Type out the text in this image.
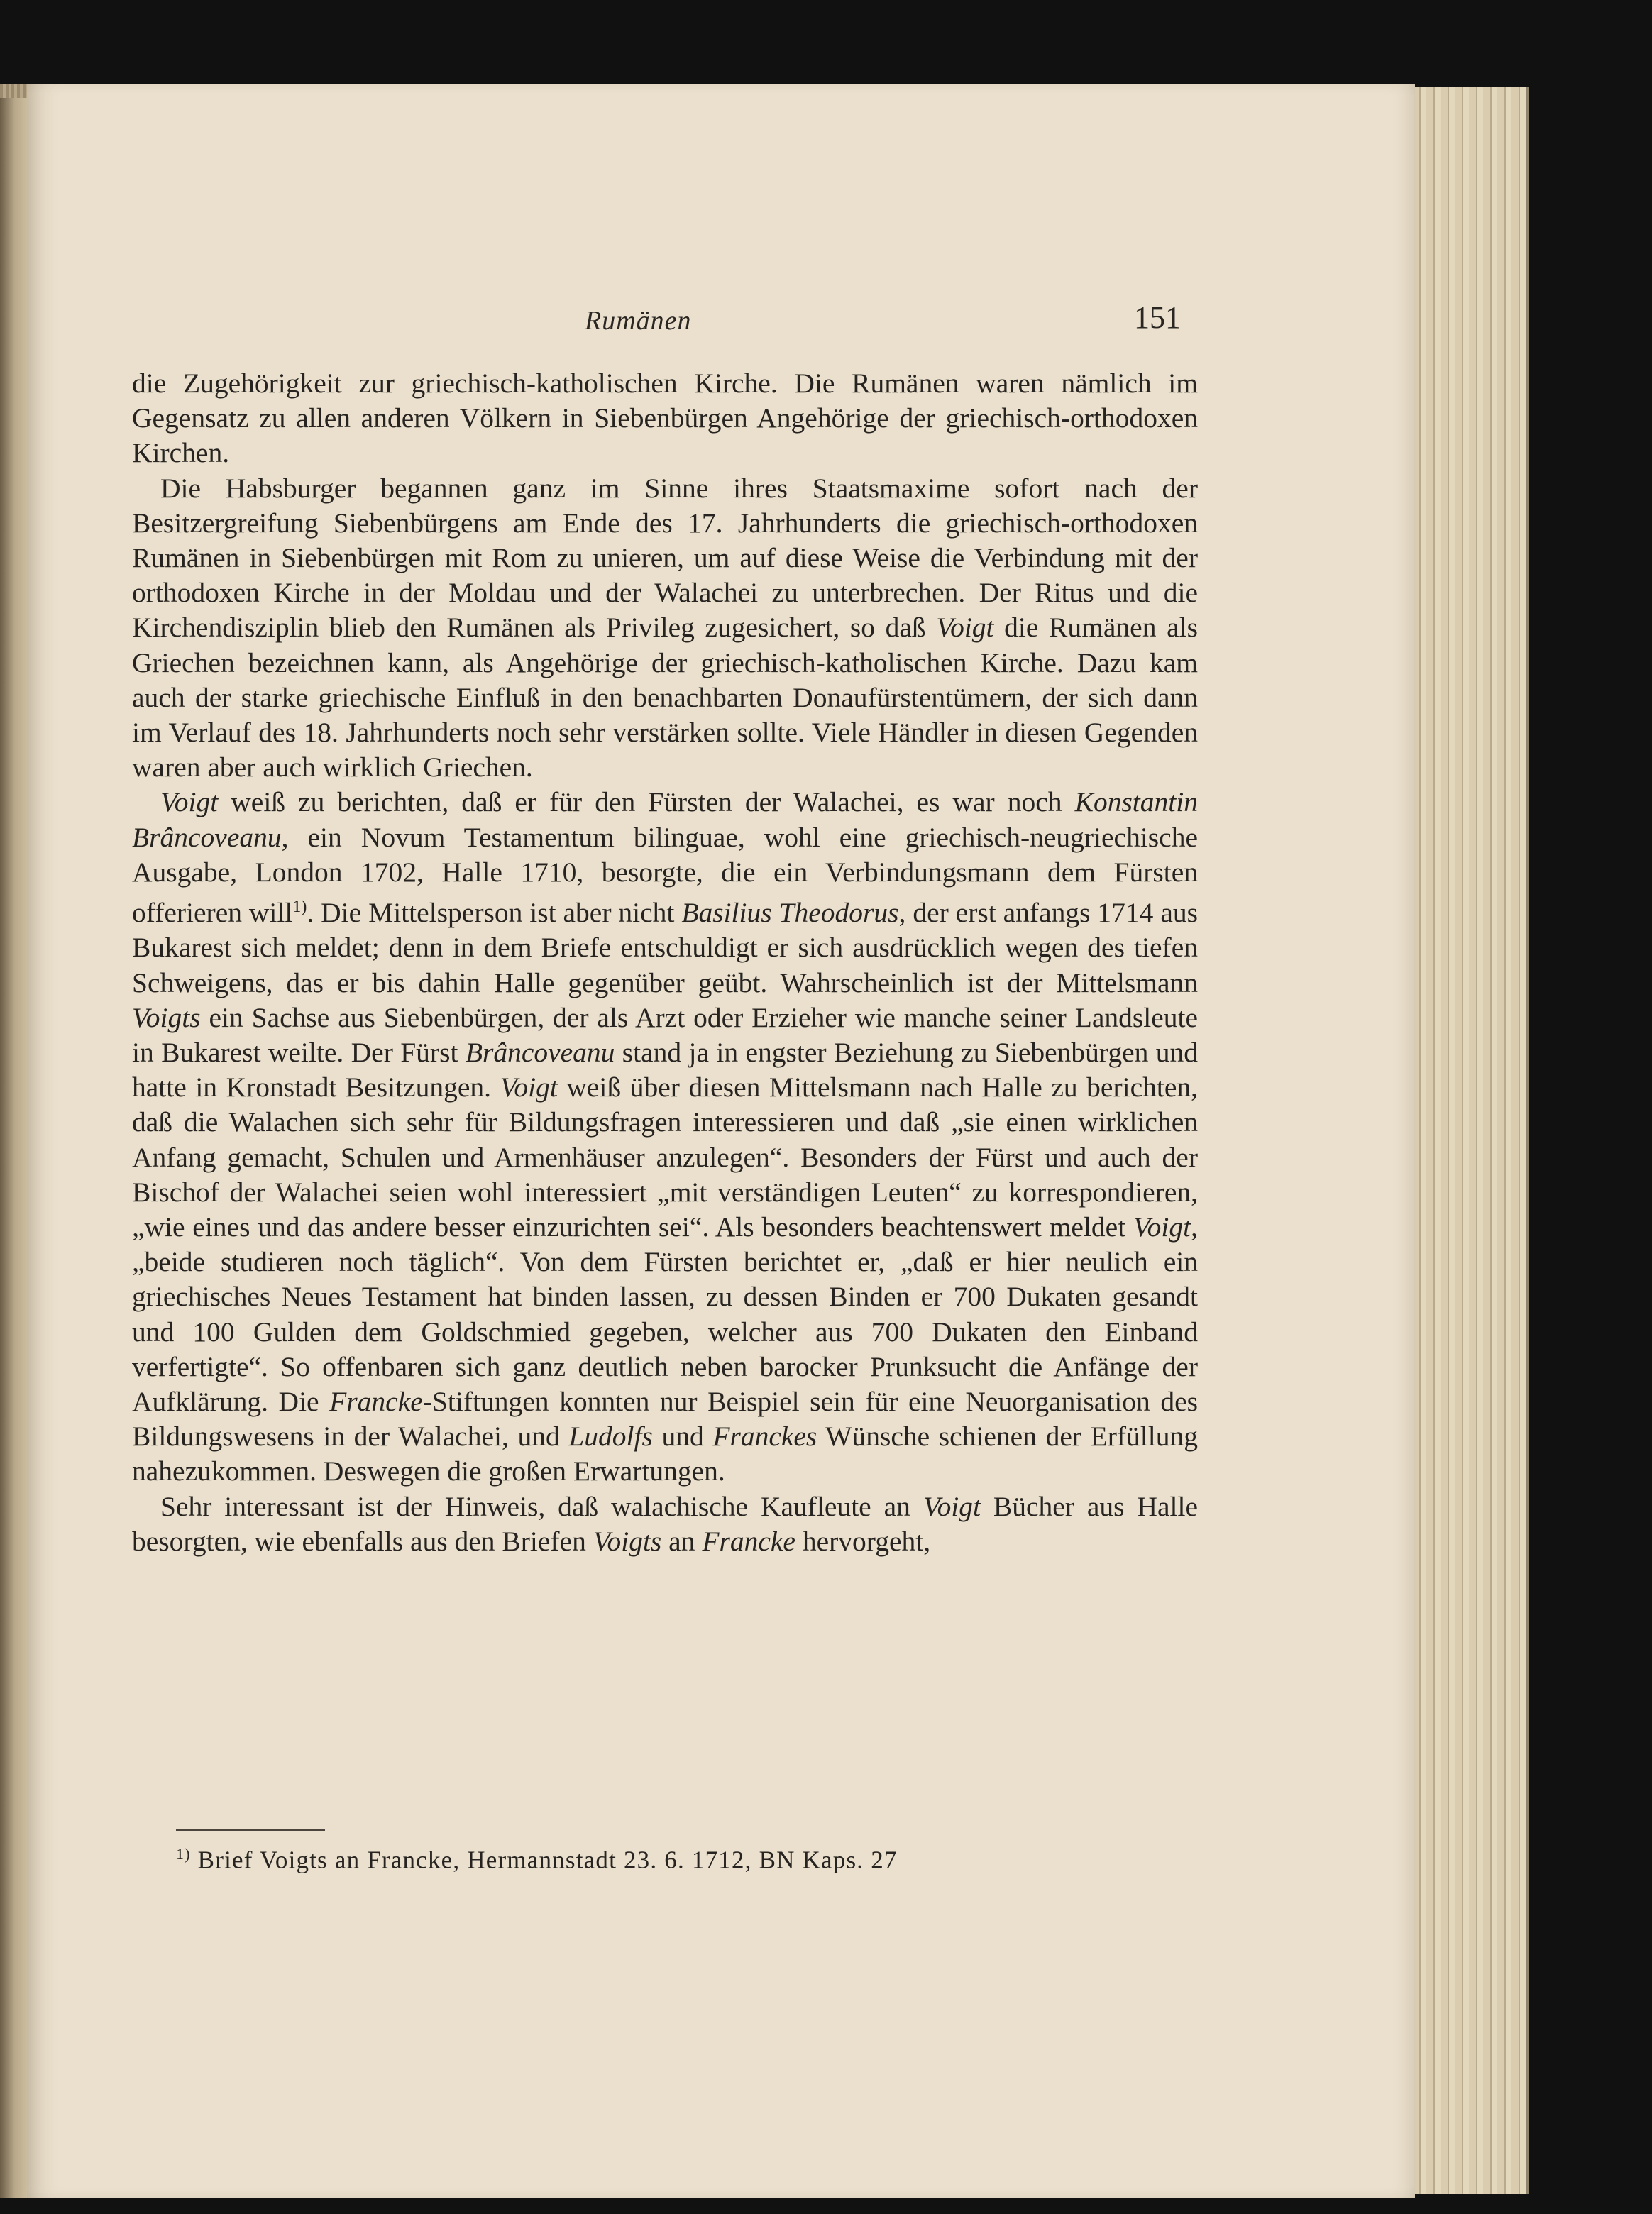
Rumänen	151

die Zugehörigkeit zur griechisch-katholischen Kirche. Die Rumänen waren nämlich im Gegensatz zu allen anderen Völkern in Siebenbürgen Angehörige der griechisch-orthodoxen Kirchen.

Die Habsburger begannen ganz im Sinne ihres Staatsmaxime sofort nach der Besitzergreifung Siebenbürgens am Ende des 17. Jahrhunderts die griechisch-orthodoxen Rumänen in Siebenbürgen mit Rom zu unieren, um auf diese Weise die Verbindung mit der orthodoxen Kirche in der Moldau und der Walachei zu unterbrechen. Der Ritus und die Kirchendisziplin blieb den Rumänen als Privileg zugesichert, so daß Voigt die Rumänen als Griechen bezeichnen kann, als Angehörige der griechisch-katholischen Kirche. Dazu kam auch der starke griechische Einfluß in den benachbarten Donaufürstentümern, der sich dann im Verlauf des 18. Jahrhunderts noch sehr verstärken sollte. Viele Händler in diesen Gegenden waren aber auch wirklich Griechen.

Voigt weiß zu berichten, daß er für den Fürsten der Walachei, es war noch Konstantin Brâncoveanu, ein Novum Testamentum bilinguae, wohl eine griechisch-neugriechische Ausgabe, London 1702, Halle 1710, besorgte, die ein Verbindungsmann dem Fürsten offerieren will$^{1)}$. Die Mittelsperson ist aber nicht Basilius Theodorus, der erst anfangs 1714 aus Bukarest sich meldet; denn in dem Briefe entschuldigt er sich ausdrücklich wegen des tiefen Schweigens, das er bis dahin Halle gegenüber geübt. Wahrscheinlich ist der Mittelsmann Voigts ein Sachse aus Siebenbürgen, der als Arzt oder Erzieher wie manche seiner Landsleute in Bukarest weilte. Der Fürst Brâncoveanu stand ja in engster Beziehung zu Siebenbürgen und hatte in Kronstadt Besitzungen. Voigt weiß über diesen Mittelsmann nach Halle zu berichten, daß die Walachen sich sehr für Bildungsfragen interessieren und daß „sie einen wirklichen Anfang gemacht, Schulen und Armenhäuser anzulegen“. Besonders der Fürst und auch der Bischof der Walachei seien wohl interessiert „mit verständigen Leuten“ zu korrespondieren, „wie eines und das andere besser einzurichten sei“. Als besonders beachtenswert meldet Voigt, „beide studieren noch täglich“. Von dem Fürsten berichtet er, „daß er hier neulich ein griechisches Neues Testament hat binden lassen, zu dessen Binden er 700 Dukaten gesandt und 100 Gulden dem Goldschmied gegeben, welcher aus 700 Dukaten den Einband verfertigte“. So offenbaren sich ganz deutlich neben barocker Prunksucht die Anfänge der Aufklärung. Die Francke-Stiftungen konnten nur Beispiel sein für eine Neuorganisation des Bildungswesens in der Walachei, und Ludolfs und Franckes Wünsche schienen der Erfüllung nahezukommen. Deswegen die großen Erwartungen.

Sehr interessant ist der Hinweis, daß walachische Kaufleute an Voigt Bücher aus Halle besorgten, wie ebenfalls aus den Briefen Voigts an Francke hervorgeht,

$^{1)}$ Brief Voigts an Francke, Hermannstadt 23. 6. 1712, BN Kaps. 27
